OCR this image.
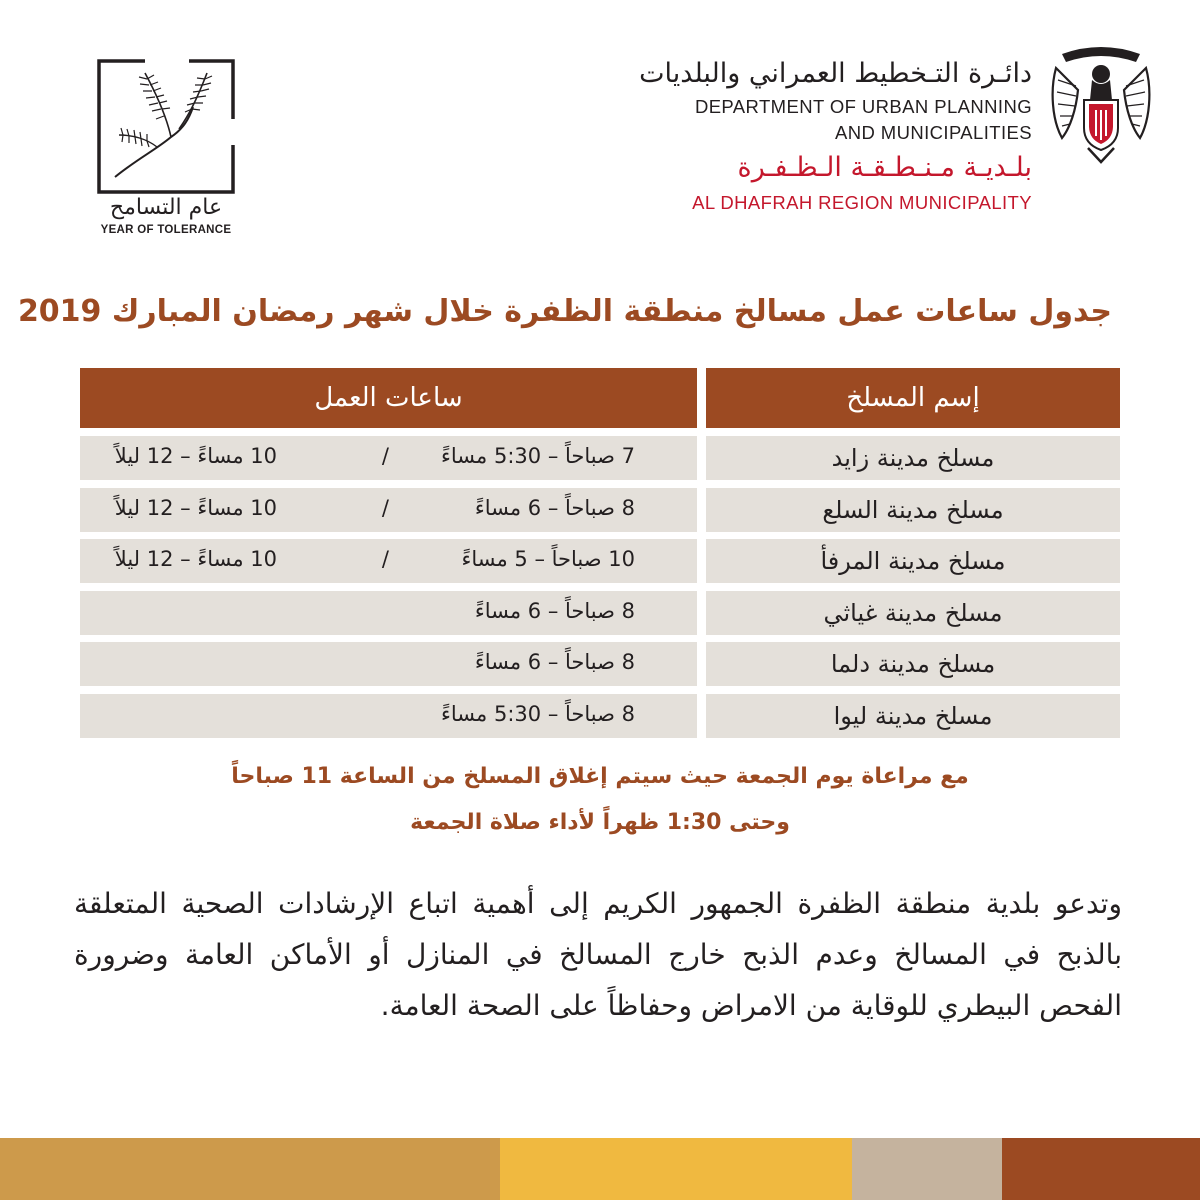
عام التسامح
YEAR OF TOLERANCE
دائـرة التـخطيط العمراني والبلديات
DEPARTMENT OF URBAN PLANNING
AND MUNICIPALITIES
بلـديـة مـنـطـقـة الـظـفـرة
AL DHAFRAH REGION MUNICIPALITY
جدول ساعات عمل مسالخ منطقة الظفرة خلال شهر رمضان المبارك 2019
إسم المسلخ
ساعات العمل
مسلخ مدينة زايد
7 صباحاً – 5:30 مساءً
/
10 مساءً – 12 ليلاً
مسلخ مدينة السلع
8 صباحاً – 6 مساءً
/
10 مساءً – 12 ليلاً
مسلخ مدينة المرفأ
10 صباحاً – 5 مساءً
/
10 مساءً – 12 ليلاً
مسلخ مدينة غياثي
8 صباحاً – 6 مساءً
مسلخ مدينة دلما
8 صباحاً – 6 مساءً
مسلخ مدينة ليوا
8 صباحاً – 5:30 مساءً
مع مراعاة يوم الجمعة حيث سيتم إغلاق المسلخ من الساعة 11 صباحاً
وحتى 1:30 ظهراً لأداء صلاة الجمعة
وتدعو بلدية منطقة الظفرة الجمهور الكريم إلى أهمية اتباع الإرشادات الصحية المتعلقة بالذبح في المسالخ وعدم الذبح خارج المسالخ في المنازل أو الأماكن العامة وضرورة الفحص البيطري للوقاية من الامراض وحفاظاً على الصحة العامة.
